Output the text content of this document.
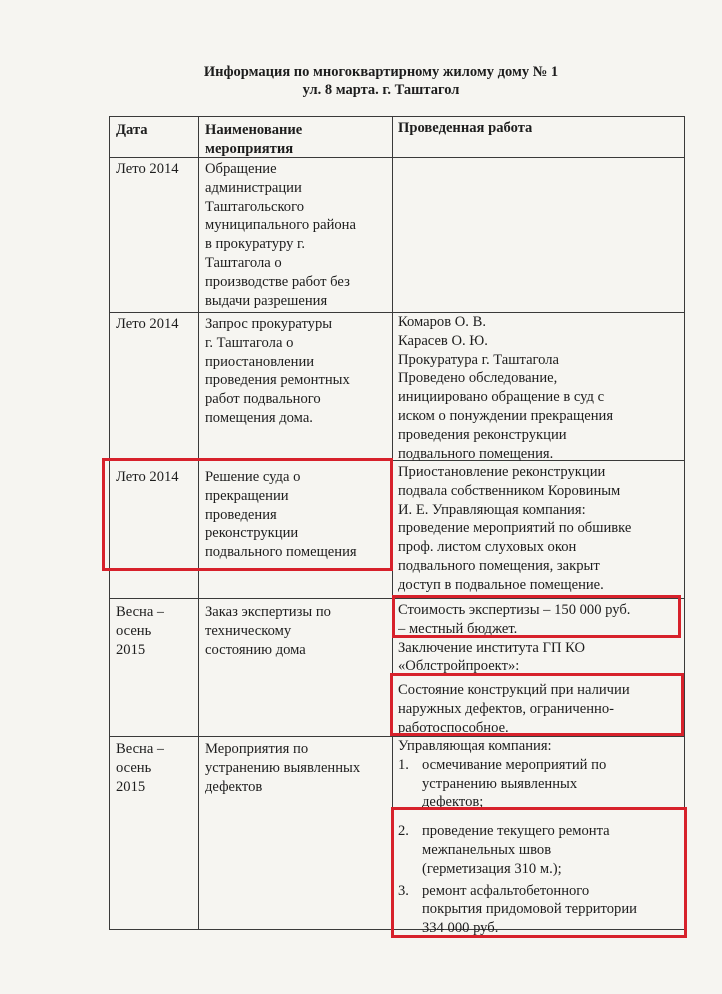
Информация по многоквартирному жилому дому № 1
ул. 8 марта. г. Таштагол
Дата	Наименование
мероприятия
Проведенная работа
Лето 2014 Обращение
администрации
Таштагольского
муниципального района
в прокуратуру г.
Таштагола о
производстве работ без
выдачи разрешения
Лето 2014 Запрос прокуратуры
г. Таштагола о
приостановлении
проведения ремонтных
работ подвального
помещения дома.
Комаров О. В.
Карасев О. Ю.
Прокуратура г. Таштагола
Проведено обследование,
инициировано обращение в суд с
иском о понуждении прекращения
проведения реконструкции
подвального помещения.
Лето 2014 Решение суда о
прекращении
проведения
реконструкции
подвального помещения
Приостановление реконструкции
подвала собственником Коровиным
И. Е. Управляющая компания:
проведение мероприятий по обшивке
проф. листом слуховых окон
подвального помещения, закрыт
доступ в подвальное помещение.
Весна –
осень
2015
Заказ экспертизы по
техническому
состоянию дома
Стоимость экспертизы – 150 000 руб.
– местный бюджет.
Заключение института ГП КО
«Облстройпроект»:
Состояние конструкций при наличии
наружных дефектов, ограниченно-
работоспособное.
Весна –
осень
2015
Мероприятия по
устранению выявленных
дефектов
Управляющая компания:
1. осмечивание мероприятий по
устранению выявленных
дефектов;
2. проведение текущего ремонта
межпанельных швов
(герметизация 310 м.);
3. ремонт асфальтобетонного
покрытия придомовой территории
334 000 руб.
